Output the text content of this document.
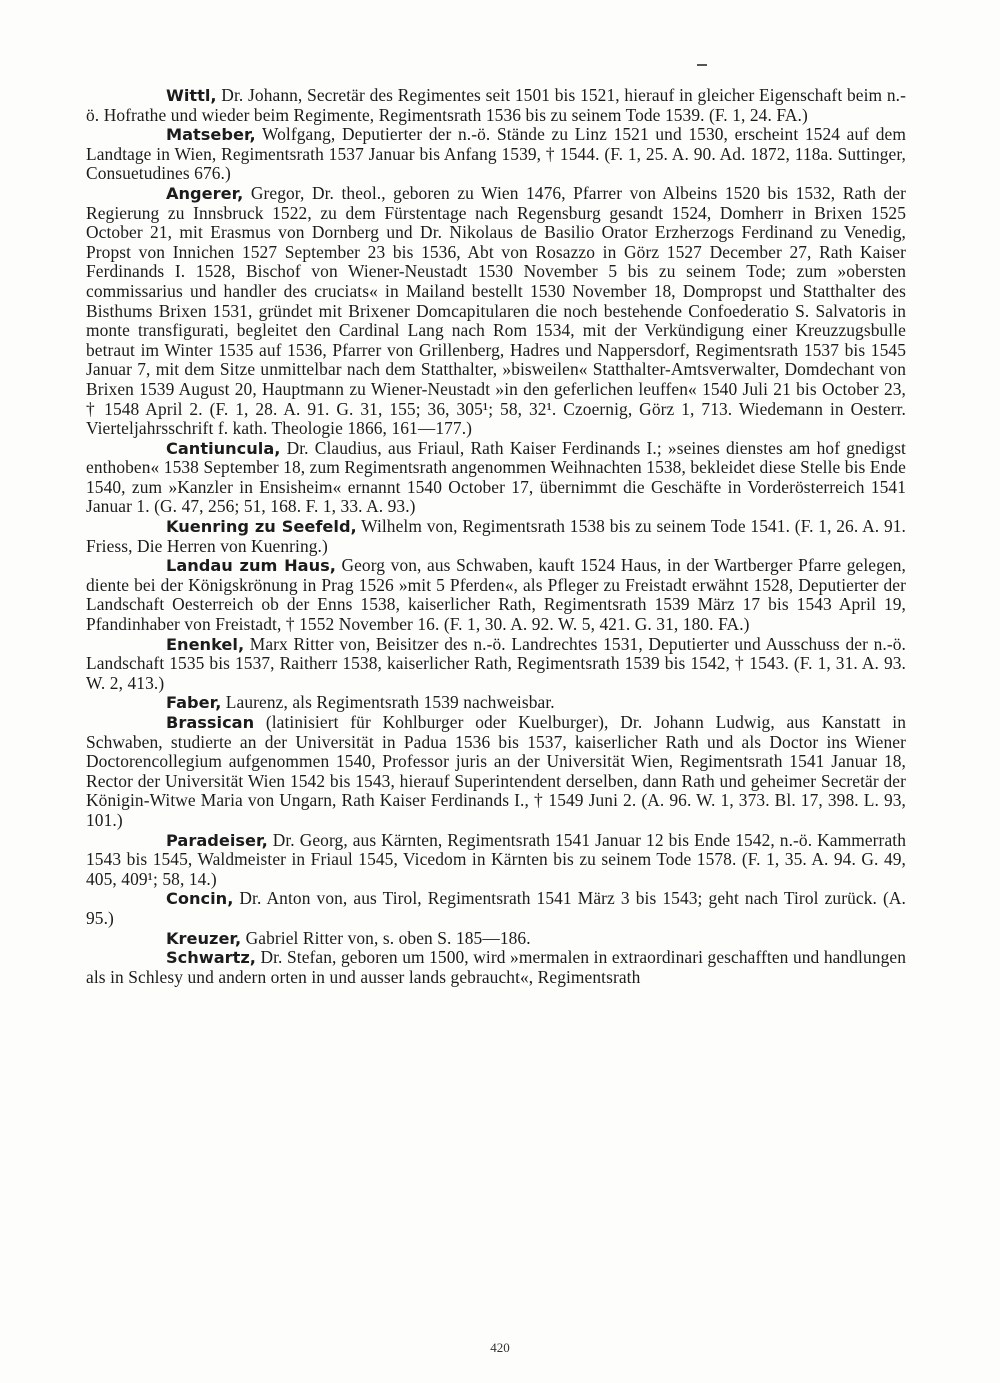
Wittl, Dr. Johann, Secretär des Regimentes seit 1501 bis 1521, hierauf in gleicher Eigenschaft beim n.-ö. Hofrathe und wieder beim Regimente, Regimentsrath 1536 bis zu seinem Tode 1539. (F. 1, 24. FA.)

Matseber, Wolfgang, Deputierter der n.-ö. Stände zu Linz 1521 und 1530, erscheint 1524 auf dem Landtage in Wien, Regimentsrath 1537 Januar bis Anfang 1539, † 1544. (F. 1, 25. A. 90. Ad. 1872, 118a. Suttinger, Consuetudines 676.)

Angerer, Gregor, Dr. theol., geboren zu Wien 1476, Pfarrer von Albeins 1520 bis 1532, Rath der Regierung zu Innsbruck 1522, zu dem Fürstentage nach Regensburg gesandt 1524, Domherr in Brixen 1525 October 21, mit Erasmus von Dornberg und Dr. Nikolaus de Basilio Orator Erzherzogs Ferdinand zu Venedig, Propst von Innichen 1527 September 23 bis 1536, Abt von Rosazzo in Görz 1527 December 27, Rath Kaiser Ferdinands I. 1528, Bischof von Wiener-Neustadt 1530 November 5 bis zu seinem Tode; zum »obersten commissarius und handler des cruciats« in Mailand bestellt 1530 November 18, Dompropst und Statthalter des Bisthums Brixen 1531, gründet mit Brixener Domcapitularen die noch bestehende Confoederatio S. Salvatoris in monte transfigurati, begleitet den Cardinal Lang nach Rom 1534, mit der Verkündigung einer Kreuzzugsbulle betraut im Winter 1535 auf 1536, Pfarrer von Grillenberg, Hadres und Nappersdorf, Regimentsrath 1537 bis 1545 Januar 7, mit dem Sitze unmittelbar nach dem Statthalter, »bisweilen« Statthalter-Amtsverwalter, Domdechant von Brixen 1539 August 20, Hauptmann zu Wiener-Neustadt »in den geferlichen leuffen« 1540 Juli 21 bis October 23, † 1548 April 2. (F. 1, 28. A. 91. G. 31, 155; 36, 305¹; 58, 32¹. Czoernig, Görz 1, 713. Wiedemann in Oesterr. Vierteljahrsschrift f. kath. Theologie 1866, 161—177.)

Cantiuncula, Dr. Claudius, aus Friaul, Rath Kaiser Ferdinands I.; »seines dienstes am hof gnedigst enthoben« 1538 September 18, zum Regimentsrath angenommen Weihnachten 1538, bekleidet diese Stelle bis Ende 1540, zum »Kanzler in Ensisheim« ernannt 1540 October 17, übernimmt die Geschäfte in Vorderösterreich 1541 Januar 1. (G. 47, 256; 51, 168. F. 1, 33. A. 93.)

Kuenring zu Seefeld, Wilhelm von, Regimentsrath 1538 bis zu seinem Tode 1541. (F. 1, 26. A. 91. Friess, Die Herren von Kuenring.)

Landau zum Haus, Georg von, aus Schwaben, kauft 1524 Haus, in der Wartberger Pfarre gelegen, diente bei der Königskrönung in Prag 1526 »mit 5 Pferden«, als Pfleger zu Freistadt erwähnt 1528, Deputierter der Landschaft Oesterreich ob der Enns 1538, kaiserlicher Rath, Regimentsrath 1539 März 17 bis 1543 April 19, Pfandinhaber von Freistadt, † 1552 November 16. (F. 1, 30. A. 92. W. 5, 421. G. 31, 180. FA.)

Enenkel, Marx Ritter von, Beisitzer des n.-ö. Landrechtes 1531, Deputierter und Ausschuss der n.-ö. Landschaft 1535 bis 1537, Raitherr 1538, kaiserlicher Rath, Regimentsrath 1539 bis 1542, † 1543. (F. 1, 31. A. 93. W. 2, 413.)

Faber, Laurenz, als Regimentsrath 1539 nachweisbar.

Brassican (latinisiert für Kohlburger oder Kuelburger), Dr. Johann Ludwig, aus Kanstatt in Schwaben, studierte an der Universität in Padua 1536 bis 1537, kaiserlicher Rath und als Doctor ins Wiener Doctorencollegium aufgenommen 1540, Professor juris an der Universität Wien, Regimentsrath 1541 Januar 18, Rector der Universität Wien 1542 bis 1543, hierauf Superintendent derselben, dann Rath und geheimer Secretär der Königin-Witwe Maria von Ungarn, Rath Kaiser Ferdinands I., † 1549 Juni 2. (A. 96. W. 1, 373. Bl. 17, 398. L. 93, 101.)

Paradeiser, Dr. Georg, aus Kärnten, Regimentsrath 1541 Januar 12 bis Ende 1542, n.-ö. Kammerrath 1543 bis 1545, Waldmeister in Friaul 1545, Vicedom in Kärnten bis zu seinem Tode 1578. (F. 1, 35. A. 94. G. 49, 405, 409¹; 58, 14.)

Concin, Dr. Anton von, aus Tirol, Regimentsrath 1541 März 3 bis 1543; geht nach Tirol zurück. (A. 95.)

Kreuzer, Gabriel Ritter von, s. oben S. 185—186.

Schwartz, Dr. Stefan, geboren um 1500, wird »mermalen in extraordinari geschafften und handlungen als in Schlesy und andern orten in und ausser lands gebraucht«, Regimentsrath

420
